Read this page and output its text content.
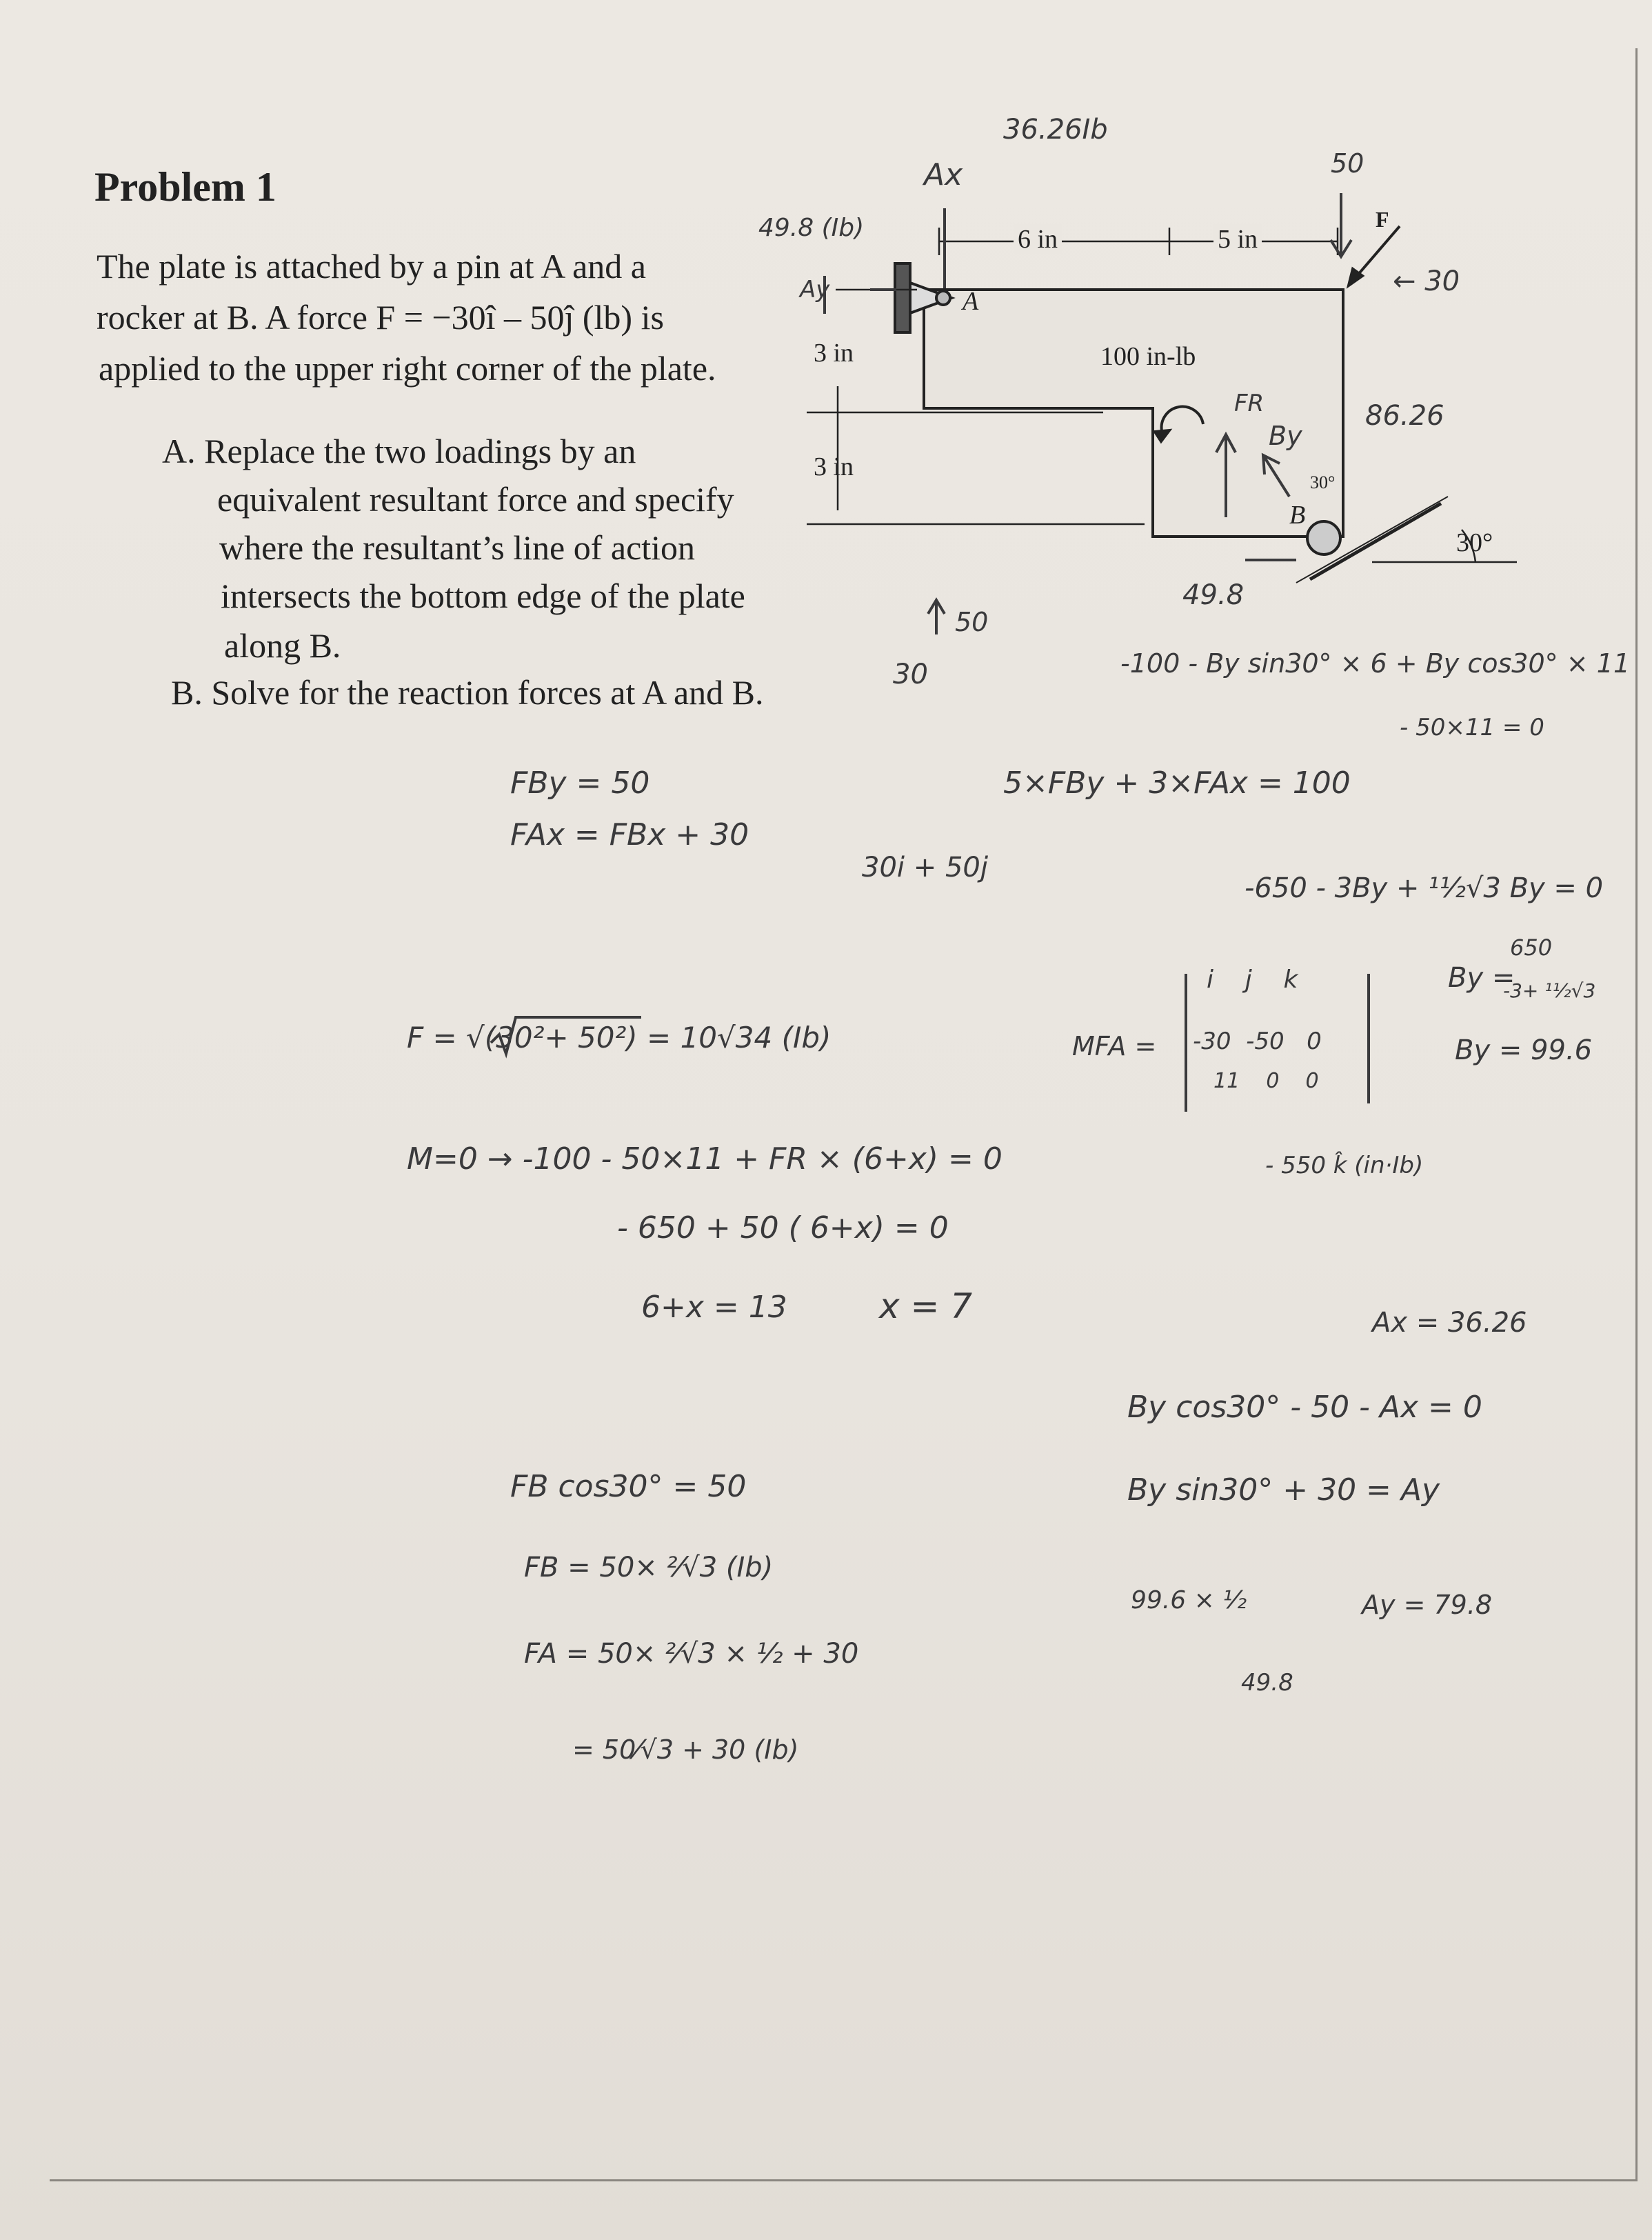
Problem 1
The plate is attached by a pin at A and a
rocker at B. A force F = −30î – 50ĵ (lb) is
applied to the upper right corner of the plate.
A. Replace the two loadings by an
equivalent resultant force and specify
where the resultant’s line of action
intersects the bottom edge of the plate
along B.
B. Solve for the reaction forces at A and B.
6 in	5 in
3 in
3 in
100 in-lb
A
B
F
30°
30°
36.26Ib
Ax
49.8 (Ib)
Ay
50
← 30
FR
By
86.26
49.8
50
30	-100 - By sin30° × 6 + By cos30° × 11
- 50×11 = 0
FBy = 50
FAx = FBx + 30
5×FBy + 3×FAx = 100
30i + 50j
-650 - 3By + ¹¹⁄₂√3 By = 0
650
By =
-3+ ¹¹⁄₂√3
By = 99.6
F = √(30²+ 50²) = 10√34 (Ib)	MFA =
i    j    k
-30  -50   0
11    0    0
M=0 → -100 - 50×11 + FR × (6+x) = 0
- 650 + 50 ( 6+x) = 0
6+x = 13	x = 7
- 550 k̂ (in·Ib)
Ax = 36.26
By cos30° - 50 - Ax = 0
By sin30° + 30 = Ay
FB cos30° = 50
FB = 50× ²⁄√3 (Ib)
99.6 × ½	Ay = 79.8
FA = 50× ²⁄√3 × ½ + 30
49.8
= 50⁄√3 + 30 (Ib)
